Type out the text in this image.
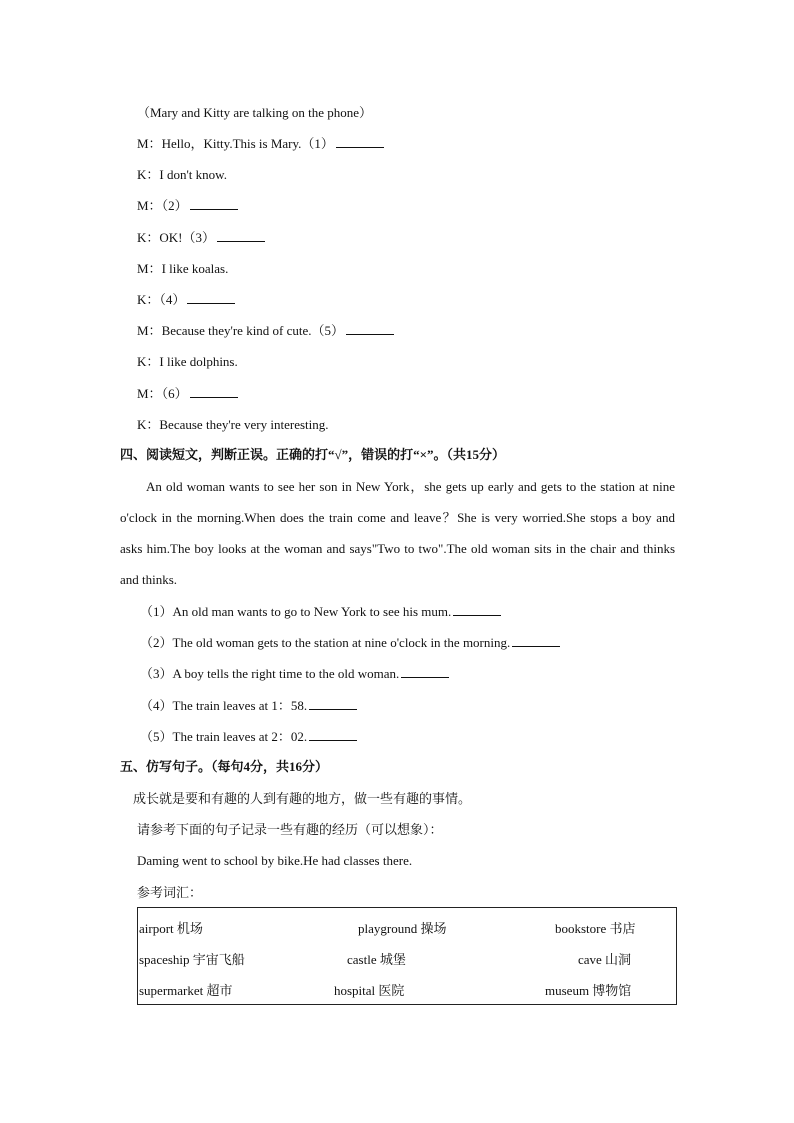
（Mary and Kitty are talking on the phone）
M：Hello，Kitty.This is Mary.（1）
K：I don't know.
M：（2）
K：OK!（3）
M：I like koalas.
K：（4）
M：Because they're kind of cute.（5）
K：I like dolphins.
M：（6）
K：Because they're very interesting.
四、阅读短文，判断正误。正确的打“√”，错误的打“×”。（共15分）
An old woman wants to see her son in New York，she gets up early and gets to the station at nine o'clock in the morning.When does the train come and leave？She is very worried.She stops a boy and asks him.The boy looks at the woman and says"Two to two".The old woman sits in the chair and thinks and thinks.
（1）An old man wants to go to New York to see his mum.
（2）The old woman gets to the station at nine o'clock in the morning.
（3）A boy tells the right time to the old woman.
（4）The train leaves at 1：58.
（5）The train leaves at 2：02.
五、仿写句子。（每句4分，共16分）
成长就是要和有趣的人到有趣的地方，做一些有趣的事情。
请参考下面的句子记录一些有趣的经历（可以想象）：
Daming went to school by bike.He had classes there.
参考词汇：
airport 机场	playground 操场	bookstore 书店
spaceship 宇宙飞船	castle 城堡	cave 山洞
supermarket 超市	hospital 医院	museum 博物馆
